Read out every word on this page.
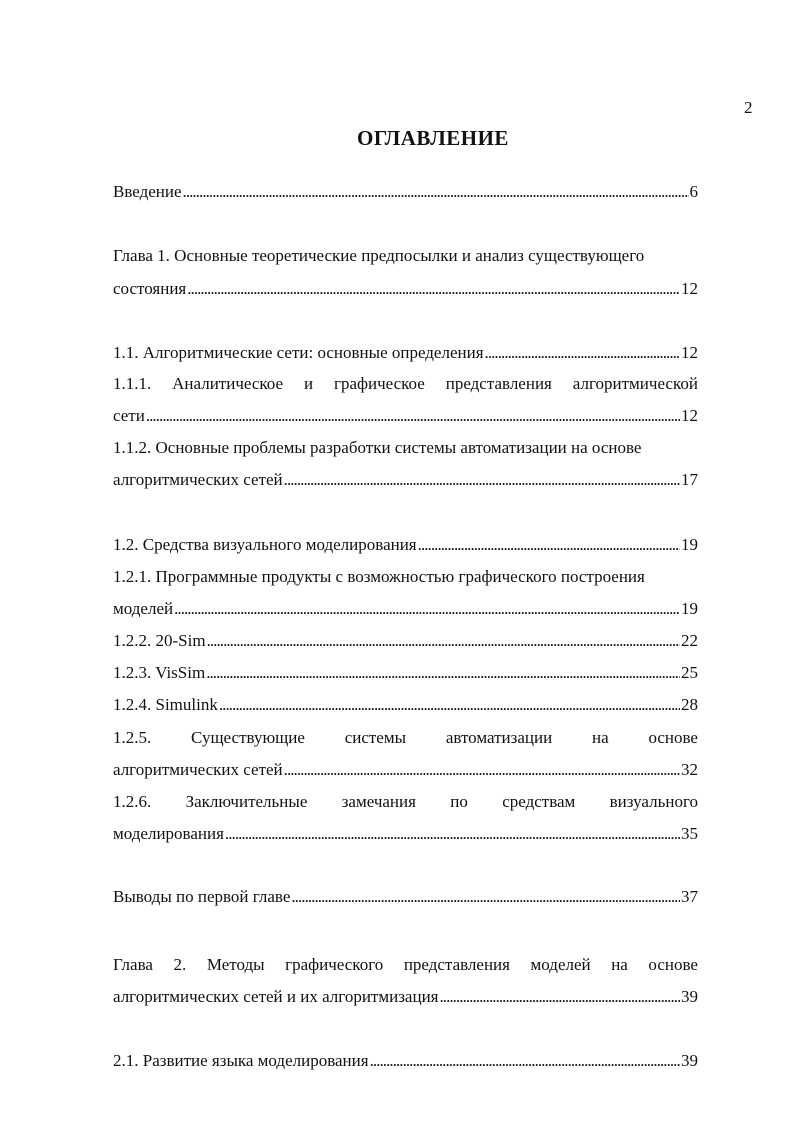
2
ОГЛАВЛЕНИЕ
Введение . . .	6
Глава 1. Основные теоретические предпосылки и анализ существующего
состояния . . .	12
1.1. Алгоритмические сети: основные определения . . .	12
1.1.1. Аналитическое и графическое представления алгоритмической
сети . . .	12
1.1.2. Основные проблемы разработки системы автоматизации на основе
алгоритмических сетей . . .	17
1.2. Средства визуального моделирования . . .	19
1.2.1. Программные продукты с возможностью графического построения
моделей . . .	19
1.2.2. 20-Sim . . .	22
1.2.3. VisSim . . .	25
1.2.4. Simulink . . .	28
1.2.5. Существующие системы автоматизации на основе
алгоритмических сетей . . .	32
1.2.6. Заключительные замечания по средствам визуального
моделирования . . .	35
Выводы по первой главе . . .	37
Глава 2. Методы графического представления моделей на основе
алгоритмических сетей и их алгоритмизация . . .	39
2.1. Развитие языка моделирования . . .	39
